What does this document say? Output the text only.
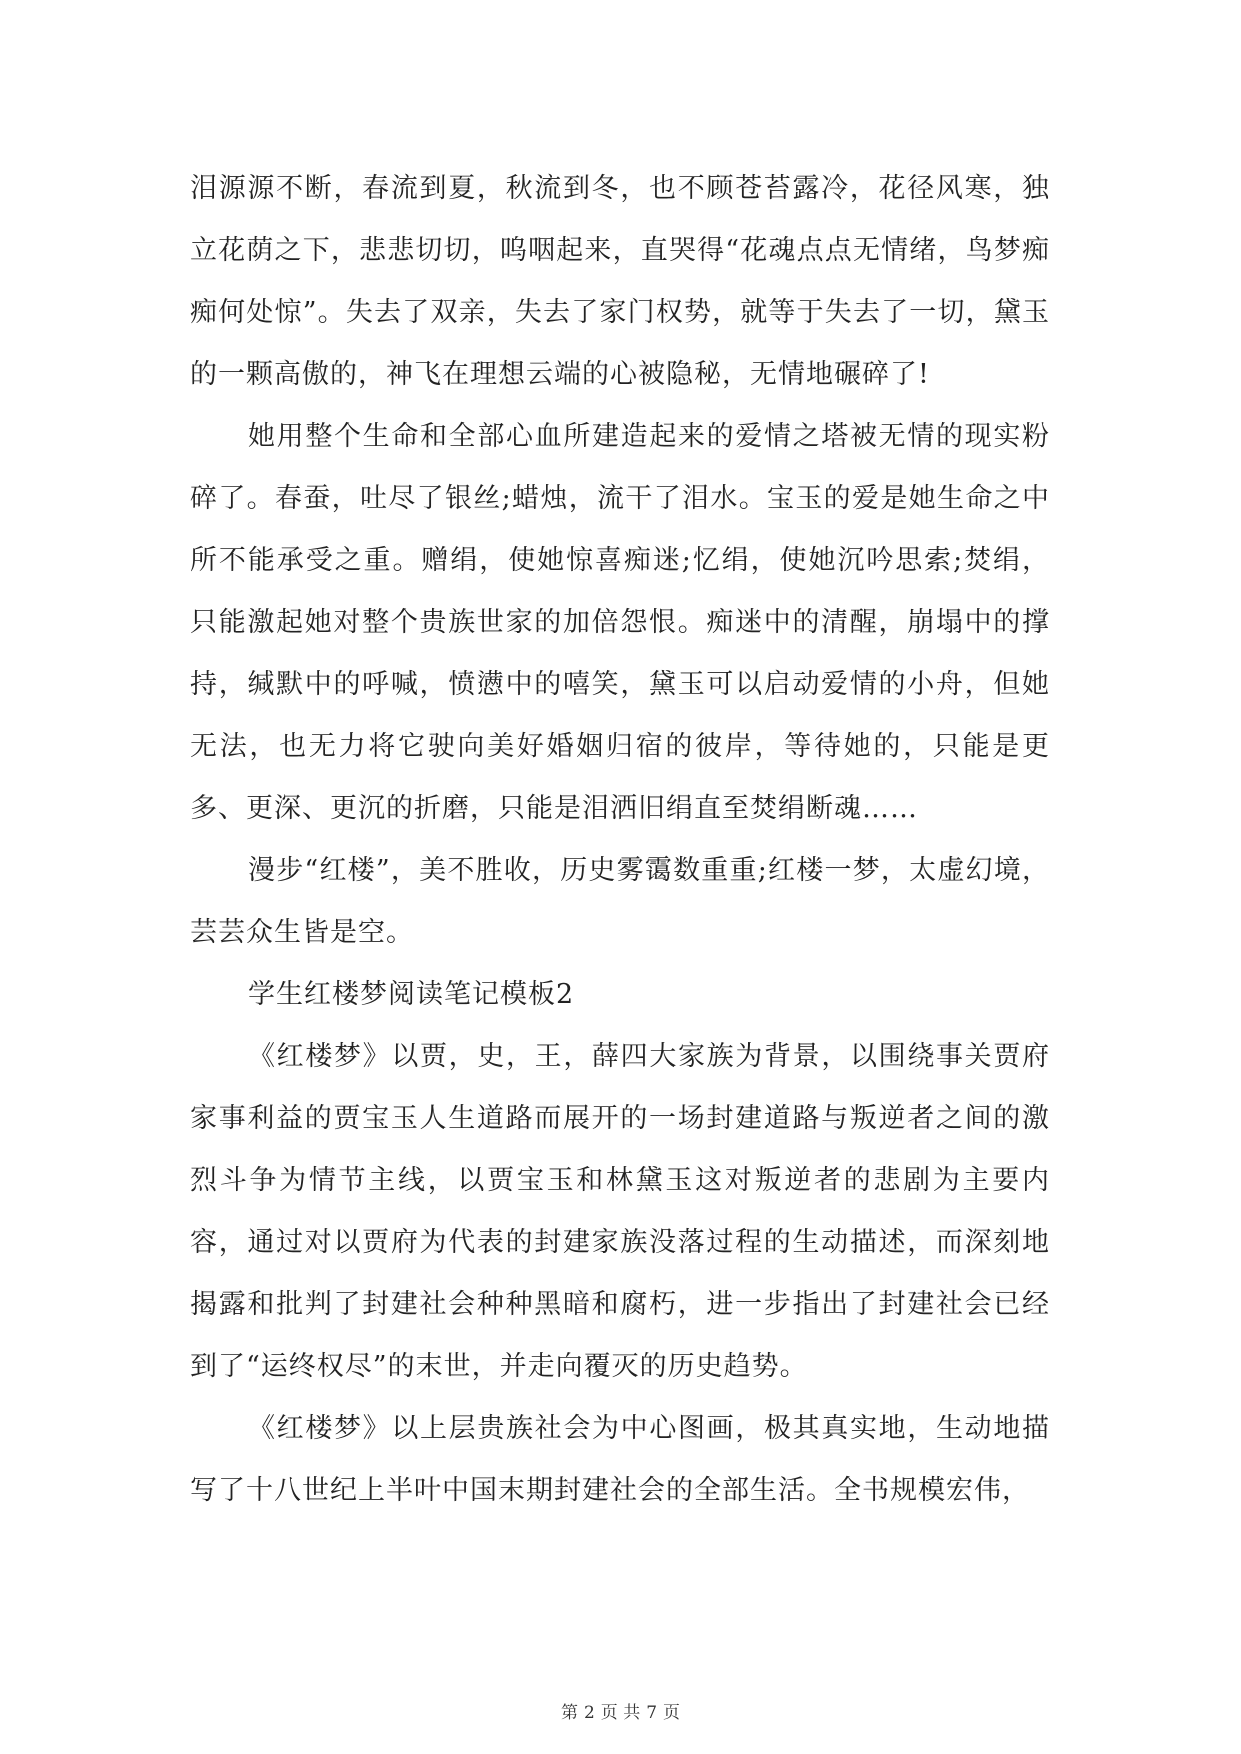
泪源源不断，春流到夏，秋流到冬，也不顾苍苔露冷，花径风寒，独立花荫之下，悲悲切切，呜咽起来，直哭得“花魂点点无情绪，鸟梦痴痴何处惊”。失去了双亲，失去了家门权势，就等于失去了一切，黛玉的一颗高傲的，神飞在理想云端的心被隐秘，无情地碾碎了!

她用整个生命和全部心血所建造起来的爱情之塔被无情的现实粉碎了。春蚕，吐尽了银丝;蜡烛，流干了泪水。宝玉的爱是她生命之中所不能承受之重。赠绢，使她惊喜痴迷;忆绢，使她沉吟思索;焚绢，只能激起她对整个贵族世家的加倍怨恨。痴迷中的清醒，崩塌中的撑持，缄默中的呼喊，愤懑中的嘻笑，黛玉可以启动爱情的小舟，但她无法，也无力将它驶向美好婚姻归宿的彼岸，等待她的，只能是更多、更深、更沉的折磨，只能是泪洒旧绢直至焚绢断魂……

漫步“红楼”，美不胜收，历史雾霭数重重;红楼一梦，太虚幻境，芸芸众生皆是空。

学生红楼梦阅读笔记模板2

《红楼梦》以贾，史，王，薛四大家族为背景，以围绕事关贾府家事利益的贾宝玉人生道路而展开的一场封建道路与叛逆者之间的激烈斗争为情节主线，以贾宝玉和林黛玉这对叛逆者的悲剧为主要内容，通过对以贾府为代表的封建家族没落过程的生动描述，而深刻地揭露和批判了封建社会种种黑暗和腐朽，进一步指出了封建社会已经到了“运终权尽”的末世，并走向覆灭的历史趋势。

《红楼梦》以上层贵族社会为中心图画，极其真实地，生动地描写了十八世纪上半叶中国末期封建社会的全部生活。全书规模宏伟，

第 2 页 共 7 页
